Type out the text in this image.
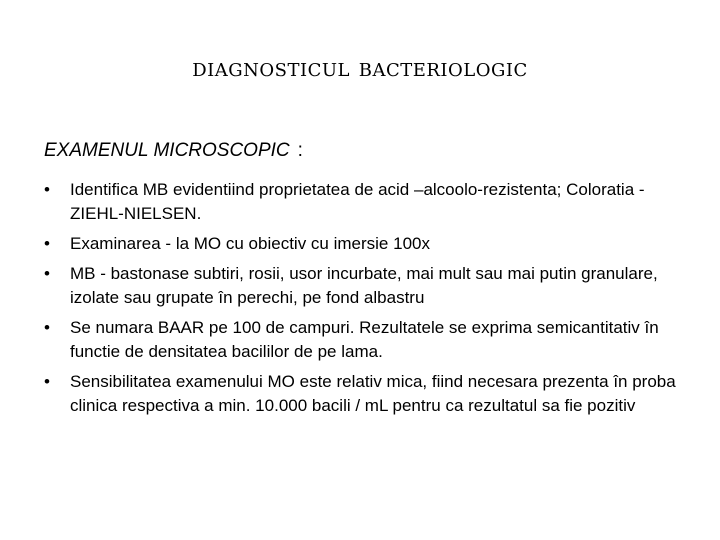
diagnosticul bacteriologic
EXAMENUL MICROSCOPIC :
•	Identifica MB evidentiind proprietatea de acid –alcoolo-rezistenta; Coloratia - ZIEHL-NIELSEN.
•	Examinarea - la MO cu obiectiv cu imersie 100x
•	MB - bastonase subtiri, rosii, usor incurbate, mai mult sau mai putin granulare, izolate sau grupate în perechi, pe fond albastru
•	Se numara BAAR pe 100 de campuri. Rezultatele se exprima semicantitativ în functie de densitatea bacililor de pe lama.
•	Sensibilitatea examenului MO este relativ mica, fiind necesara prezenta în proba clinica respectiva a min. 10.000 bacili / mL pentru ca rezultatul sa fie pozitiv
